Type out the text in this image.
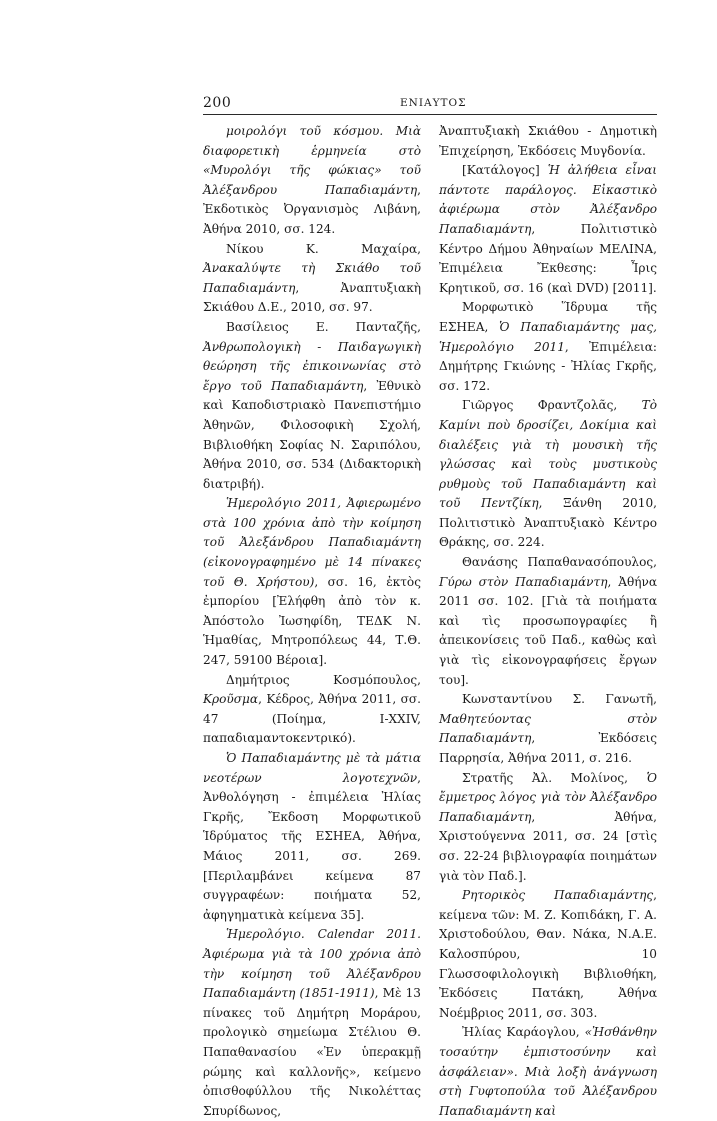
200	ΕΝΙΑΥΤΟΣ

μοιρολόγι τοῦ κόσμου. Μιὰ διαφορετικὴ ἑρμηνεία στὸ «Μυρολόγι τῆς φώκιας» τοῦ Ἀλέξανδρου Παπαδιαμάντη, Ἐκδοτικὸς Ὀργανισμὸς Λιβάνη, Ἀθήνα 2010, σσ. 124.

Νίκου Κ. Μαχαίρα, Ἀνακαλύψτε τὴ Σκιάθο τοῦ Παπαδιαμάντη, Ἀναπτυξιακὴ Σκιάθου Δ.Ε., 2010, σσ. 97.

Βασίλειος Ε. Πανταζῆς, Ἀνθρωπολογικὴ - Παιδαγωγικὴ θεώρηση τῆς ἐπικοινωνίας στὸ ἔργο τοῦ Παπαδιαμάντη, Ἐθνικὸ καὶ Καποδιστριακὸ Πανεπιστήμιο Ἀθηνῶν, Φιλοσοφικὴ Σχολή, Βιβλιοθήκη Σοφίας Ν. Σαριπόλου, Ἀθήνα 2010, σσ. 534 (Διδακτορικὴ διατριβή).

Ἡμερολόγιο 2011, Ἀφιερωμένο στὰ 100 χρόνια ἀπὸ τὴν κοίμηση τοῦ Ἀλεξάνδρου Παπαδιαμάντη (εἰκονογραφημένο μὲ 14 πίνακες τοῦ Θ. Χρήστου), σσ. 16, ἐκτὸς ἐμπορίου [Ἐλήφθη ἀπὸ τὸν κ. Ἀπόστολο Ἰωσηφίδη, ΤΕΔΚ Ν. Ἡμαθίας, Μητροπόλεως 44, Τ.Θ. 247, 59100 Βέροια].

Δημήτριος Κοσμόπουλος, Κροῦσμα, Κέδρος, Ἀθήνα 2011, σσ. 47 (Ποίημα, Ι-XXIV, παπαδιαμαντοκεντρικό).

Ὁ Παπαδιαμάντης μὲ τὰ μάτια νεοτέρων λογοτεχνῶν, Ἀνθολόγηση - ἐπιμέλεια Ἠλίας Γκρῆς, Ἔκδοση Μορφωτικοῦ Ἱδρύματος τῆς ΕΣΗΕΑ, Ἀθήνα, Μάιος 2011, σσ. 269. [Περιλαμβάνει κείμενα 87 συγγραφέων: ποιήματα 52, ἀφηγηματικὰ κείμενα 35].

Ἡμερολόγιο. Calendar 2011. Ἀφιέρωμα γιὰ τὰ 100 χρόνια ἀπὸ τὴν κοίμηση τοῦ Ἀλέξανδρου Παπαδιαμάντη (1851-1911), Μὲ 13 πίνακες τοῦ Δημήτρη Μοράρου, προλογικὸ σημείωμα Στέλιου Θ. Παπαθανασίου «Ἐν ὑπερακμῇ ρώμης καὶ καλλονῆς», κείμενο ὀπισθοφύλλου τῆς Νικολέττας Σπυρίδωνος,

Ἀναπτυξιακὴ Σκιάθου - Δημοτικὴ Ἐπιχείρηση, Ἐκδόσεις Μυγδονία.

[Κατάλογος] Ἡ ἀλήθεια εἶναι πάντοτε παράλογος. Εἰκαστικὸ ἀφιέρωμα στὸν Ἀλέξανδρο Παπαδιαμάντη, Πολιτιστικὸ Κέντρο Δήμου Ἀθηναίων ΜΕΛΙΝΑ, Ἐπιμέλεια Ἔκθεσης: Ἶρις Κρητικοῦ, σσ. 16 (καὶ DVD) [2011].

Μορφωτικὸ Ἵδρυμα τῆς ΕΣΗΕΑ, Ὁ Παπαδιαμάντης μας, Ἡμερολόγιο 2011, Ἐπιμέλεια: Δημήτρης Γκιώνης - Ἠλίας Γκρῆς, σσ. 172.

Γιῶργος Φραντζολᾶς, Τὸ Καμίνι ποὺ δροσίζει, Δοκίμια καὶ διαλέξεις γιὰ τὴ μουσικὴ τῆς γλώσσας καὶ τοὺς μυστικοὺς ρυθμοὺς τοῦ Παπαδιαμάντη καὶ τοῦ Πεντζίκη, Ξάνθη 2010, Πολιτιστικὸ Ἀναπτυξιακὸ Κέντρο Θράκης, σσ. 224.

Θανάσης Παπαθανασόπουλος, Γύρω στὸν Παπαδιαμάντη, Ἀθήνα 2011 σσ. 102. [Γιὰ τὰ ποιήματα καὶ τὶς προσωπογραφίες ἢ ἀπεικονίσεις τοῦ Παδ., καθὼς καὶ γιὰ τὶς εἰκονογραφήσεις ἔργων του].

Κωνσταντίνου Σ. Γανωτῆ, Μαθητεύοντας στὸν Παπαδιαμάντη, Ἐκδόσεις Παρρησία, Ἀθήνα 2011, σ. 216.

Στρατῆς Ἀλ. Μολίνος, Ὁ ἔμμετρος λόγος γιὰ τὸν Ἀλέξανδρο Παπαδιαμάντη, Ἀθήνα, Χριστούγεννα 2011, σσ. 24 [στὶς σσ. 22-24 βιβλιογραφία ποιημάτων γιὰ τὸν Παδ.].

Ρητορικὸς Παπαδιαμάντης, κείμενα τῶν: Μ. Ζ. Κοπιδάκη, Γ. Α. Χριστοδούλου, Θαν. Νάκα, Ν.Α.Ε. Καλοσπύρου, 10 Γλωσσοφιλολογικὴ Βιβλιοθήκη, Ἐκδόσεις Πατάκη, Ἀθήνα Νοέμβριος 2011, σσ. 303.

Ἠλίας Καράογλου, «Ἠσθάνθην τοσαύτην ἐμπιστοσύνην καὶ ἀσφάλειαν». Μιὰ λοξὴ ἀνάγνωση στὴ Γυφτοπούλα τοῦ Ἀλέξανδρου Παπαδιαμάντη καὶ
